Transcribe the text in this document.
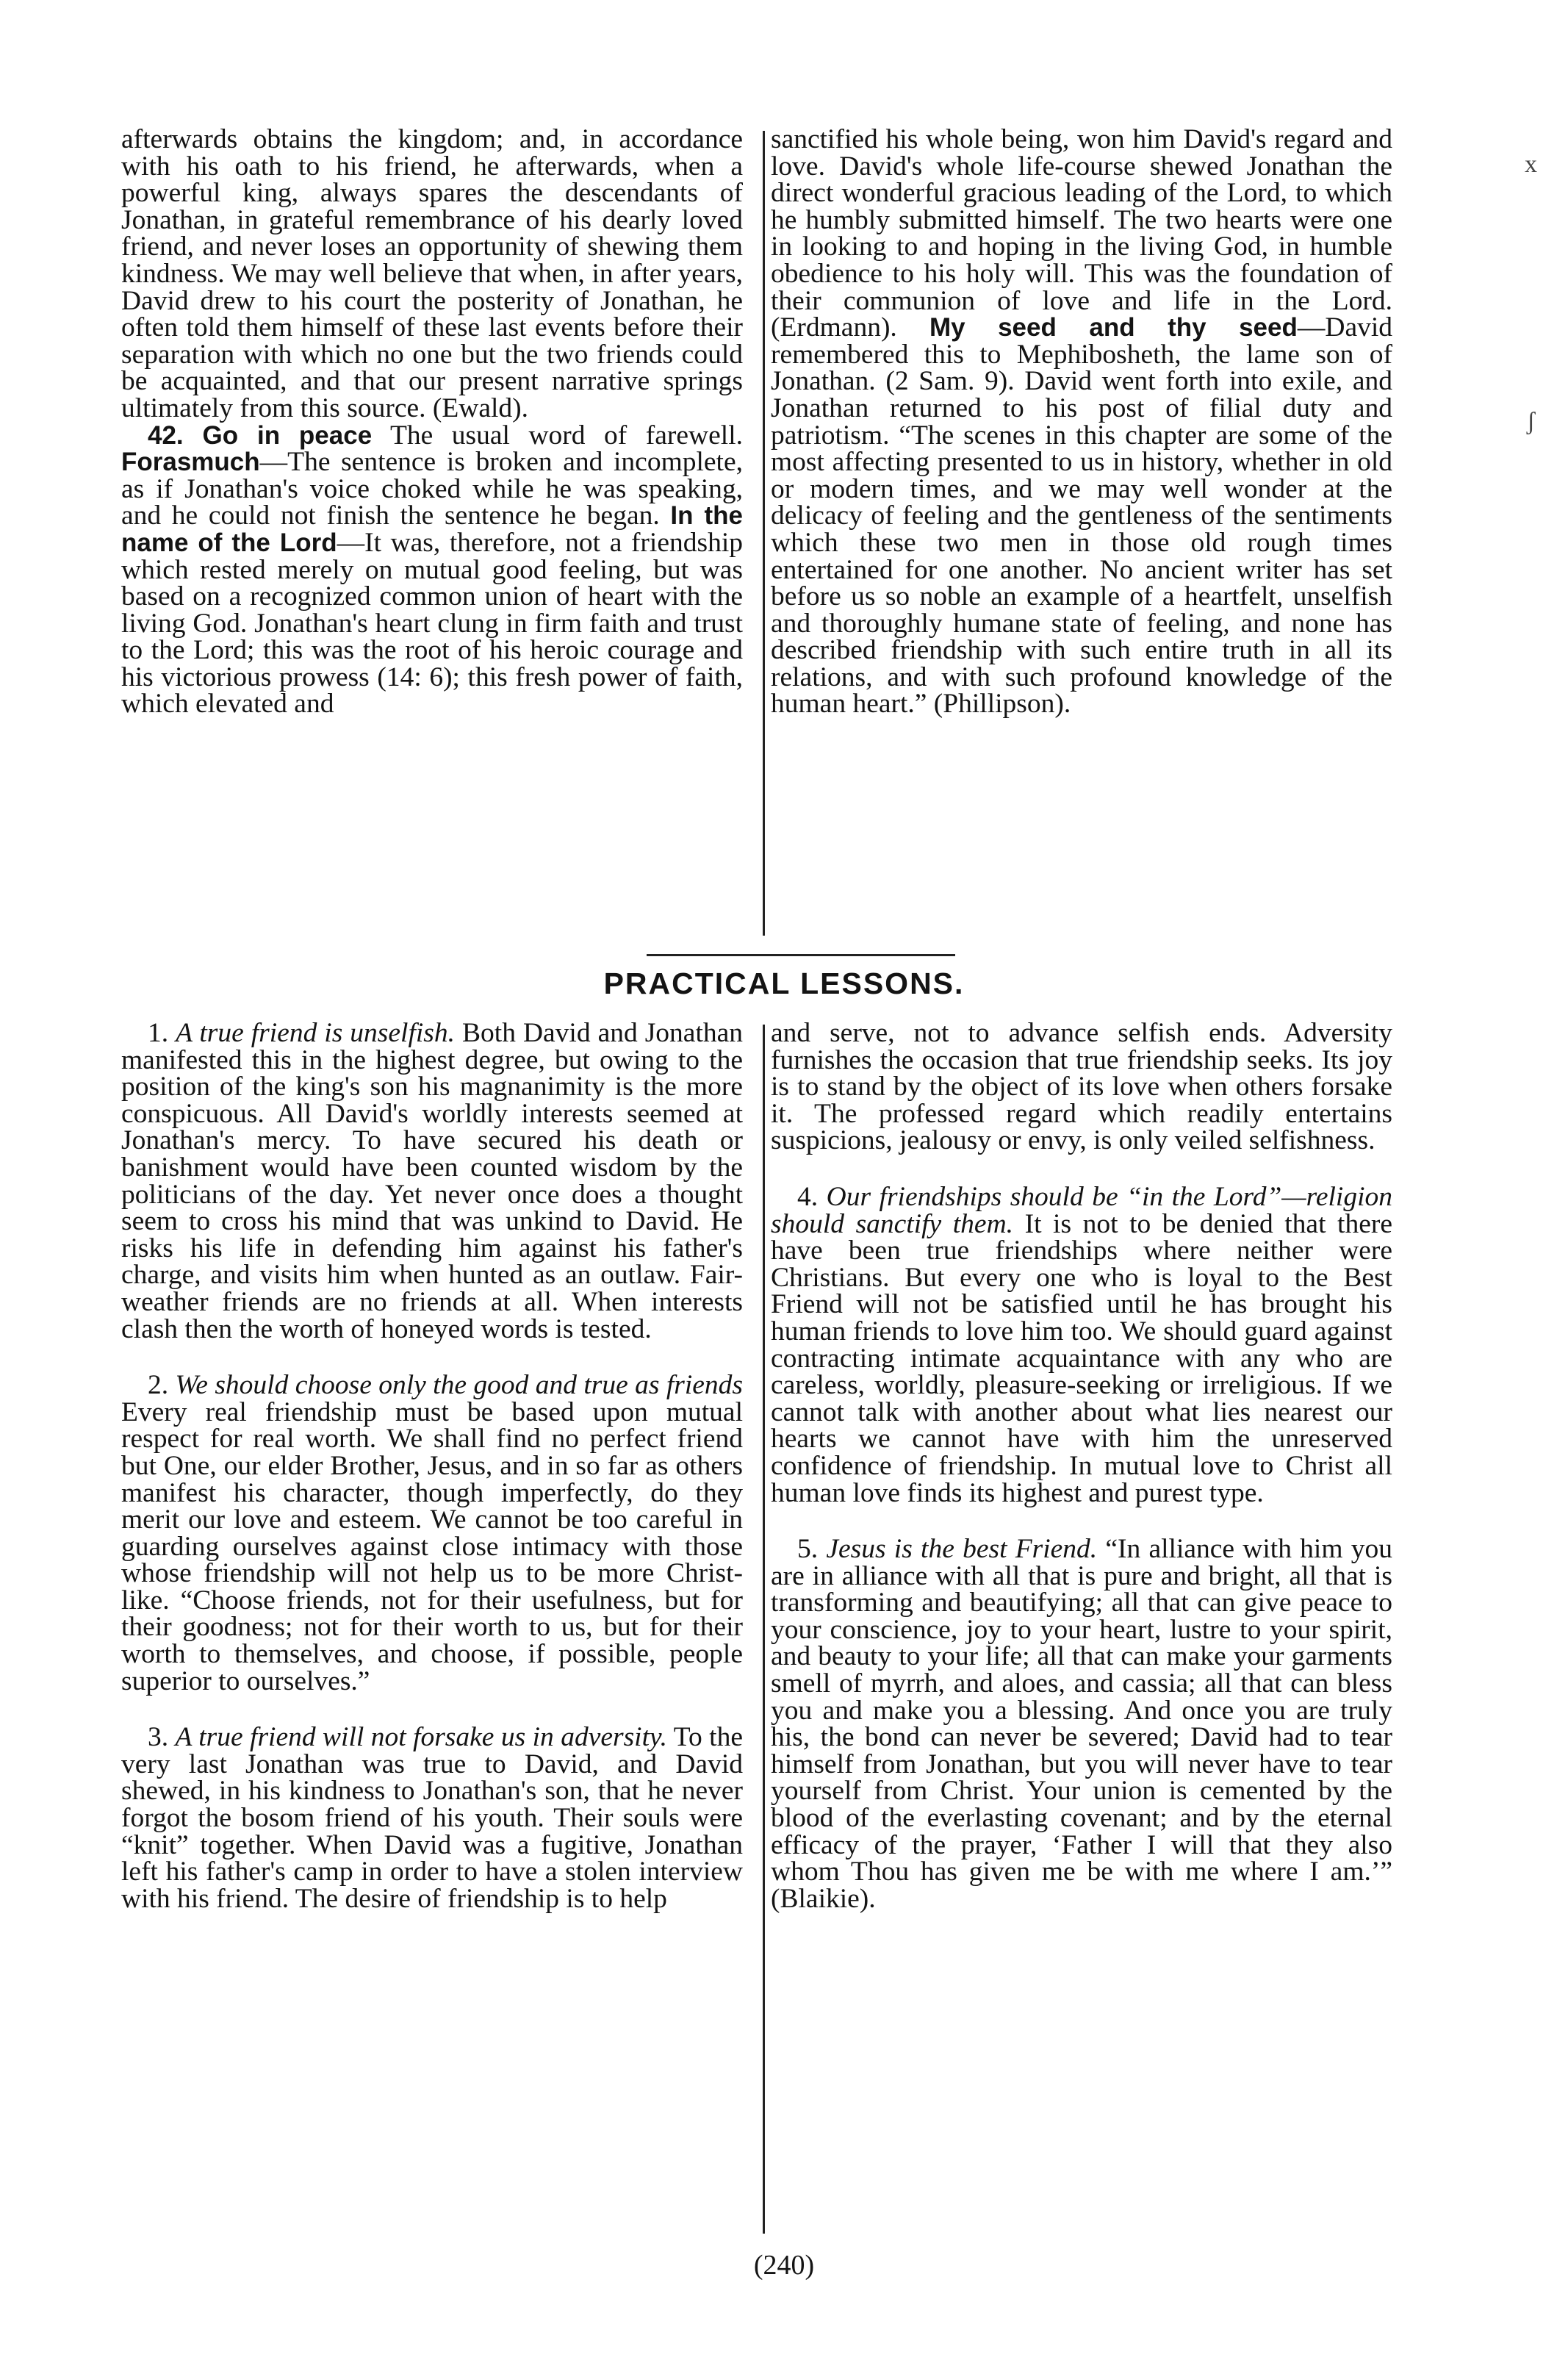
x
ʃ

afterwards obtains the kingdom; and, in accordance with his oath to his friend, he afterwards, when a powerful king, always spares the descendants of Jonathan, in grateful remembrance of his dearly loved friend, and never loses an opportunity of shewing them kindness. We may well believe that when, in after years, David drew to his court the posterity of Jonathan, he often told them himself of these last events before their separation with which no one but the two friends could be acquainted, and that our present narrative springs ultimately from this source. (Ewald).

42. Go in peace The usual word of farewell. Forasmuch—The sentence is broken and incomplete, as if Jonathan's voice choked while he was speaking, and he could not finish the sentence he began. In the name of the Lord—It was, therefore, not a friendship which rested merely on mutual good feeling, but was based on a recognized common union of heart with the living God. Jonathan's heart clung in firm faith and trust to the Lord; this was the root of his heroic courage and his victorious prowess (14: 6); this fresh power of faith, which elevated and

sanctified his whole being, won him David's regard and love. David's whole life-course shewed Jonathan the direct wonderful gracious leading of the Lord, to which he humbly submitted himself. The two hearts were one in looking to and hoping in the living God, in humble obedience to his holy will. This was the foundation of their communion of love and life in the Lord. (Erdmann). My seed and thy seed—David remembered this to Mephibosheth, the lame son of Jonathan. (2 Sam. 9). David went forth into exile, and Jonathan returned to his post of filial duty and patriotism. “The scenes in this chapter are some of the most affecting presented to us in history, whether in old or modern times, and we may well wonder at the delicacy of feeling and the gentleness of the sentiments which these two men in those old rough times entertained for one another. No ancient writer has set before us so noble an example of a heartfelt, unselfish and thoroughly humane state of feeling, and none has described friendship with such entire truth in all its relations, and with such profound knowledge of the human heart.” (Phillipson).

PRACTICAL LESSONS.

1. A true friend is unselfish. Both David and Jonathan manifested this in the highest degree, but owing to the position of the king's son his magnanimity is the more conspicuous. All David's worldly interests seemed at Jonathan's mercy. To have secured his death or banishment would have been counted wisdom by the politicians of the day. Yet never once does a thought seem to cross his mind that was unkind to David. He risks his life in defending him against his father's charge, and visits him when hunted as an outlaw. Fair-weather friends are no friends at all. When interests clash then the worth of honeyed words is tested.

2. We should choose only the good and true as friends Every real friendship must be based upon mutual respect for real worth. We shall find no perfect friend but One, our elder Brother, Jesus, and in so far as others manifest his character, though imperfectly, do they merit our love and esteem. We cannot be too careful in guarding ourselves against close intimacy with those whose friendship will not help us to be more Christ-like. “Choose friends, not for their usefulness, but for their goodness; not for their worth to us, but for their worth to themselves, and choose, if possible, people superior to ourselves.”

3. A true friend will not forsake us in adversity. To the very last Jonathan was true to David, and David shewed, in his kindness to Jonathan's son, that he never forgot the bosom friend of his youth. Their souls were “knit” together. When David was a fugitive, Jonathan left his father's camp in order to have a stolen interview with his friend. The desire of friendship is to help

and serve, not to advance selfish ends. Adversity furnishes the occasion that true friendship seeks. Its joy is to stand by the object of its love when others forsake it. The professed regard which readily entertains suspicions, jealousy or envy, is only veiled selfishness.

4. Our friendships should be “in the Lord”—religion should sanctify them. It is not to be denied that there have been true friendships where neither were Christians. But every one who is loyal to the Best Friend will not be satisfied until he has brought his human friends to love him too. We should guard against contracting intimate acquaintance with any who are careless, worldly, pleasure-seeking or irreligious. If we cannot talk with another about what lies nearest our hearts we cannot have with him the unreserved confidence of friendship. In mutual love to Christ all human love finds its highest and purest type.

5. Jesus is the best Friend. “In alliance with him you are in alliance with all that is pure and bright, all that is transforming and beautifying; all that can give peace to your conscience, joy to your heart, lustre to your spirit, and beauty to your life; all that can make your garments smell of myrrh, and aloes, and cassia; all that can bless you and make you a blessing. And once you are truly his, the bond can never be severed; David had to tear himself from Jonathan, but you will never have to tear yourself from Christ. Your union is cemented by the blood of the everlasting covenant; and by the eternal efficacy of the prayer, ‘Father I will that they also whom Thou has given me be with me where I am.’” (Blaikie).

(240)
